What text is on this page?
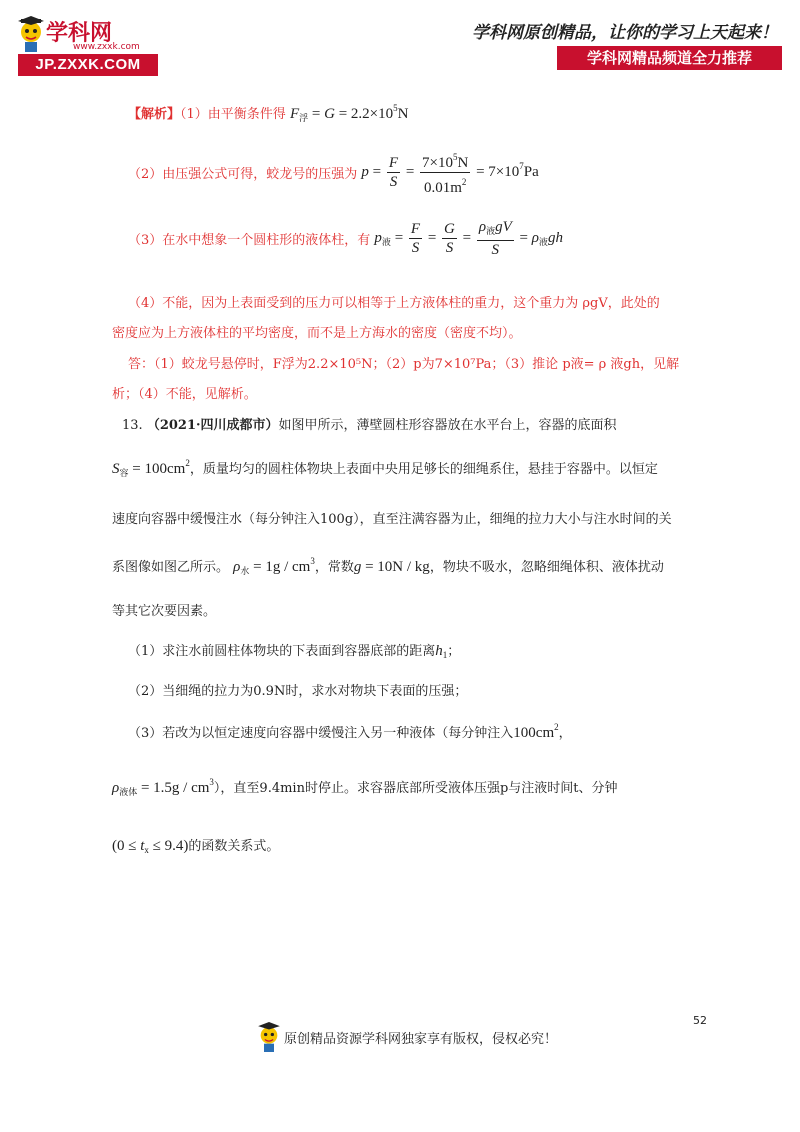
学科网
www.zxxk.com
JP.ZXXK.COM
学科网原创精品，让你的学习上天起来！
学科网精品频道全力推荐
【解析】（1）由平衡条件得 $F_浮 = G = 2.2\times 10^5N$
（2）由压强公式可得，蛟龙号的压强为 $p = \frac{F}{S} = \frac{7\times 10^5N}{0.01m^2} = 7\times 10^7Pa$
（3）在水中想象一个圆柱形的液体柱，有 $p_液 = \frac{F}{S} = \frac{G}{S} = \frac{\rho_液gV}{S} = \rho_液gh$
（4）不能，因为上表面受到的压力可以相等于上方液体柱的重力，这个重力为 ρgV，此处的
密度应为上方液体柱的平均密度，而不是上方海水的密度（密度不均）。
答：（1）蛟龙号悬停时，F浮为2.2×10⁵N；（2）p为7×10⁷Pa；（3）推论 p液= ρ 液gh，见解
析；（4）不能，见解析。
13. （2021·四川成都市）如图甲所示，薄壁圆柱形容器放在水平台上，容器的底面积
$S_容 = 100cm^2$，质量均匀的圆柱体物块上表面中央用足够长的细绳系住，悬挂于容器中。以恒定
速度向容器中缓慢注水（每分钟注入100g），直至注满容器为止，细绳的拉力大小与注水时间的关
系图像如图乙所示。 $\rho_水 = 1g / cm^3$，常数g = 10N / kg，物块不吸水，忽略细绳体积、液体扰动
等其它次要因素。
（1）求注水前圆柱体物块的下表面到容器底部的距离$h_1$；
（2）当细绳的拉力为0.9N时，求水对物块下表面的压强；
（3）若改为以恒定速度向容器中缓慢注入另一种液体（每分钟注入$100cm^2$，
$\rho_{液体} = 1.5g / cm^3$），直至9.4min时停止。求容器底部所受液体压强p与注液时间t、分钟
$(0 \le t_x \le 9.4)$的函数关系式。
52
原创精品资源学科网独家享有版权，侵权必究！
